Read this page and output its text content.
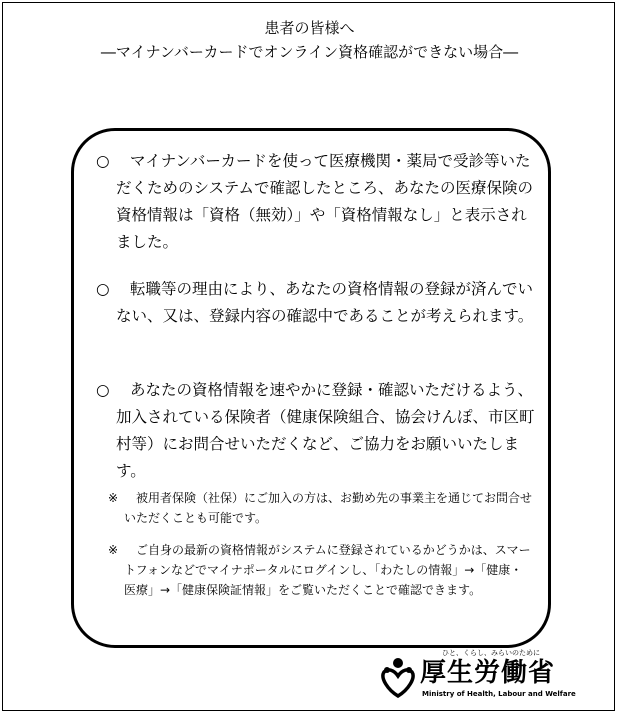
患者の皆様へ
―マイナンバーカードでオンライン資格確認ができない場合―
○	マイナンバーカードを使って医療機関・薬局で受診等いただくためのシステムで確認したところ、あなたの医療保険の資格情報は「資格（無効）」や「資格情報なし」と表示されました。
○	転職等の理由により、あなたの資格情報の登録が済んでいない、又は、登録内容の確認中であることが考えられます。
○	あなたの資格情報を速やかに登録・確認いただけるよう、加入されている保険者（健康保険組合、協会けんぽ、市区町村等）にお問合せいただくなど、ご協力をお願いいたします。
※	被用者保険（社保）にご加入の方は、お勤め先の事業主を通じてお問合せいただくことも可能です。
※	ご自身の最新の資格情報がシステムに登録されているかどうかは、スマートフォンなどでマイナポータルにログインし、「わたしの情報」→「健康・医療」→「健康保険証情報」をご覧いただくことで確認できます。
ひと、くらし、みらいのために
厚生労働省
Ministry of Health, Labour and Welfare
